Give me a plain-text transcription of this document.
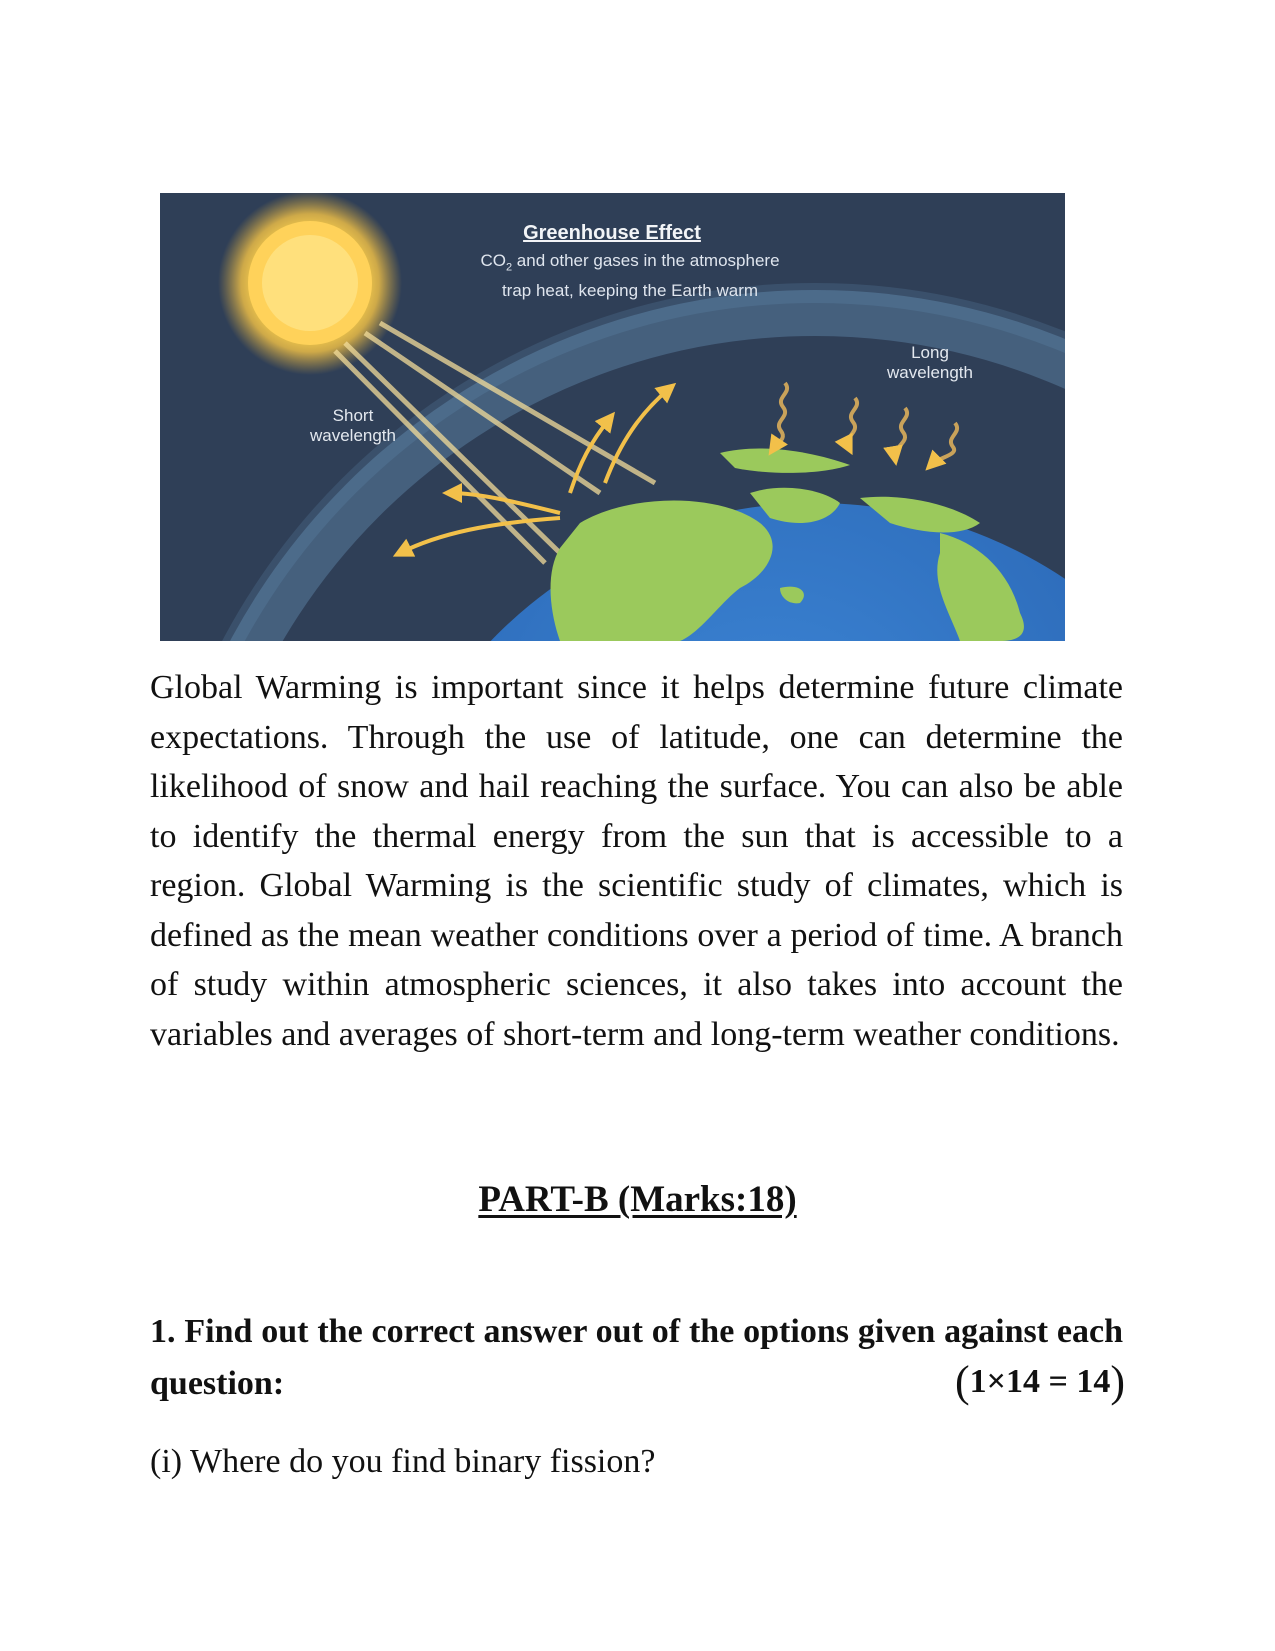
Greenhouse Effect
$CO_2$ and other gases in the atmosphere
trap heat, keeping the Earth warm
Short
wavelength
Long
wavelength

Global Warming is important since it helps determine future climate expectations. Through the use of latitude, one can determine the likelihood of snow and hail reaching the surface. You can also be able to identify the thermal energy from the sun that is accessible to a region. Global Warming is the scientific study of climates, which is defined as the mean weather conditions over a period of time. A branch of study within atmospheric sciences, it also takes into account the variables and averages of short-term and long-term weather conditions.

PART-B (Marks:18)

1. Find out the correct answer out of the options given against each question:	(1×14 = 14)

(i) Where do you find binary fission?
